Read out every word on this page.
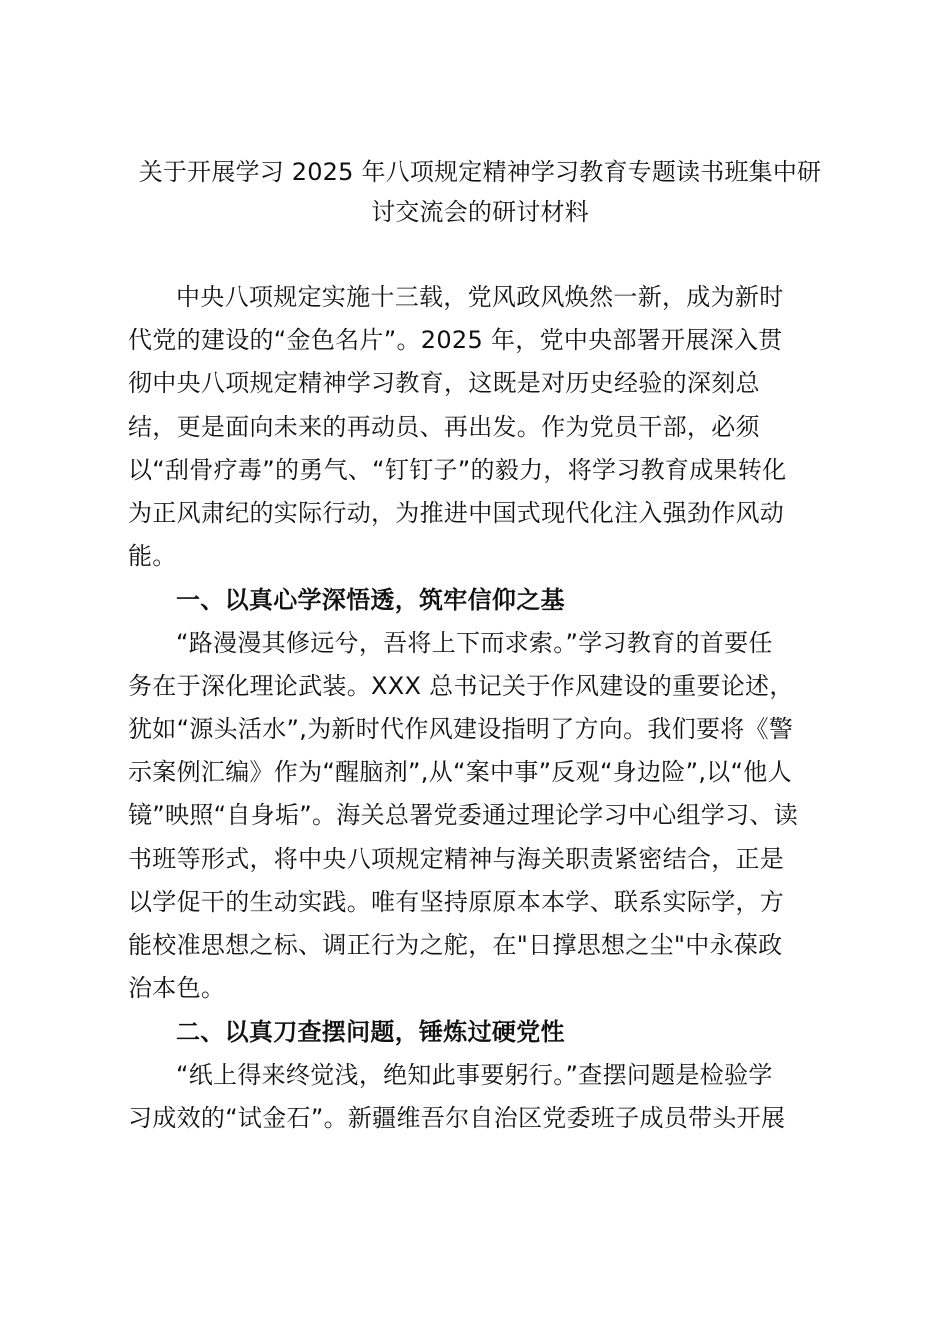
关于开展学习 2025 年八项规定精神学习教育专题读书班集中研
讨交流会的研讨材料

中央八项规定实施十三载，党风政风焕然一新，成为新时
代党的建设的“金色名片”。2025 年，党中央部署开展深入贯
彻中央八项规定精神学习教育，这既是对历史经验的深刻总
结，更是面向未来的再动员、再出发。作为党员干部，必须
以“刮骨疗毒”的勇气、“钉钉子”的毅力，将学习教育成果转化
为正风肃纪的实际行动，为推进中国式现代化注入强劲作风动
能。

一、以真心学深悟透，筑牢信仰之基

“路漫漫其修远兮，吾将上下而求索。”学习教育的首要任
务在于深化理论武装。XXX 总书记关于作风建设的重要论述，
犹如“源头活水”,为新时代作风建设指明了方向。我们要将《警
示案例汇编》作为“醒脑剂”,从“案中事”反观“身边险”,以“他人
镜”映照“自身垢”。海关总署党委通过理论学习中心组学习、读
书班等形式，将中央八项规定精神与海关职责紧密结合，正是
以学促干的生动实践。唯有坚持原原本本学、联系实际学，方
能校准思想之标、调正行为之舵，在"日撑思想之尘"中永葆政
治本色。

二、以真刀查摆问题，锤炼过硬党性

“纸上得来终觉浅，绝知此事要躬行。”查摆问题是检验学
习成效的“试金石”。新疆维吾尔自治区党委班子成员带头开展
